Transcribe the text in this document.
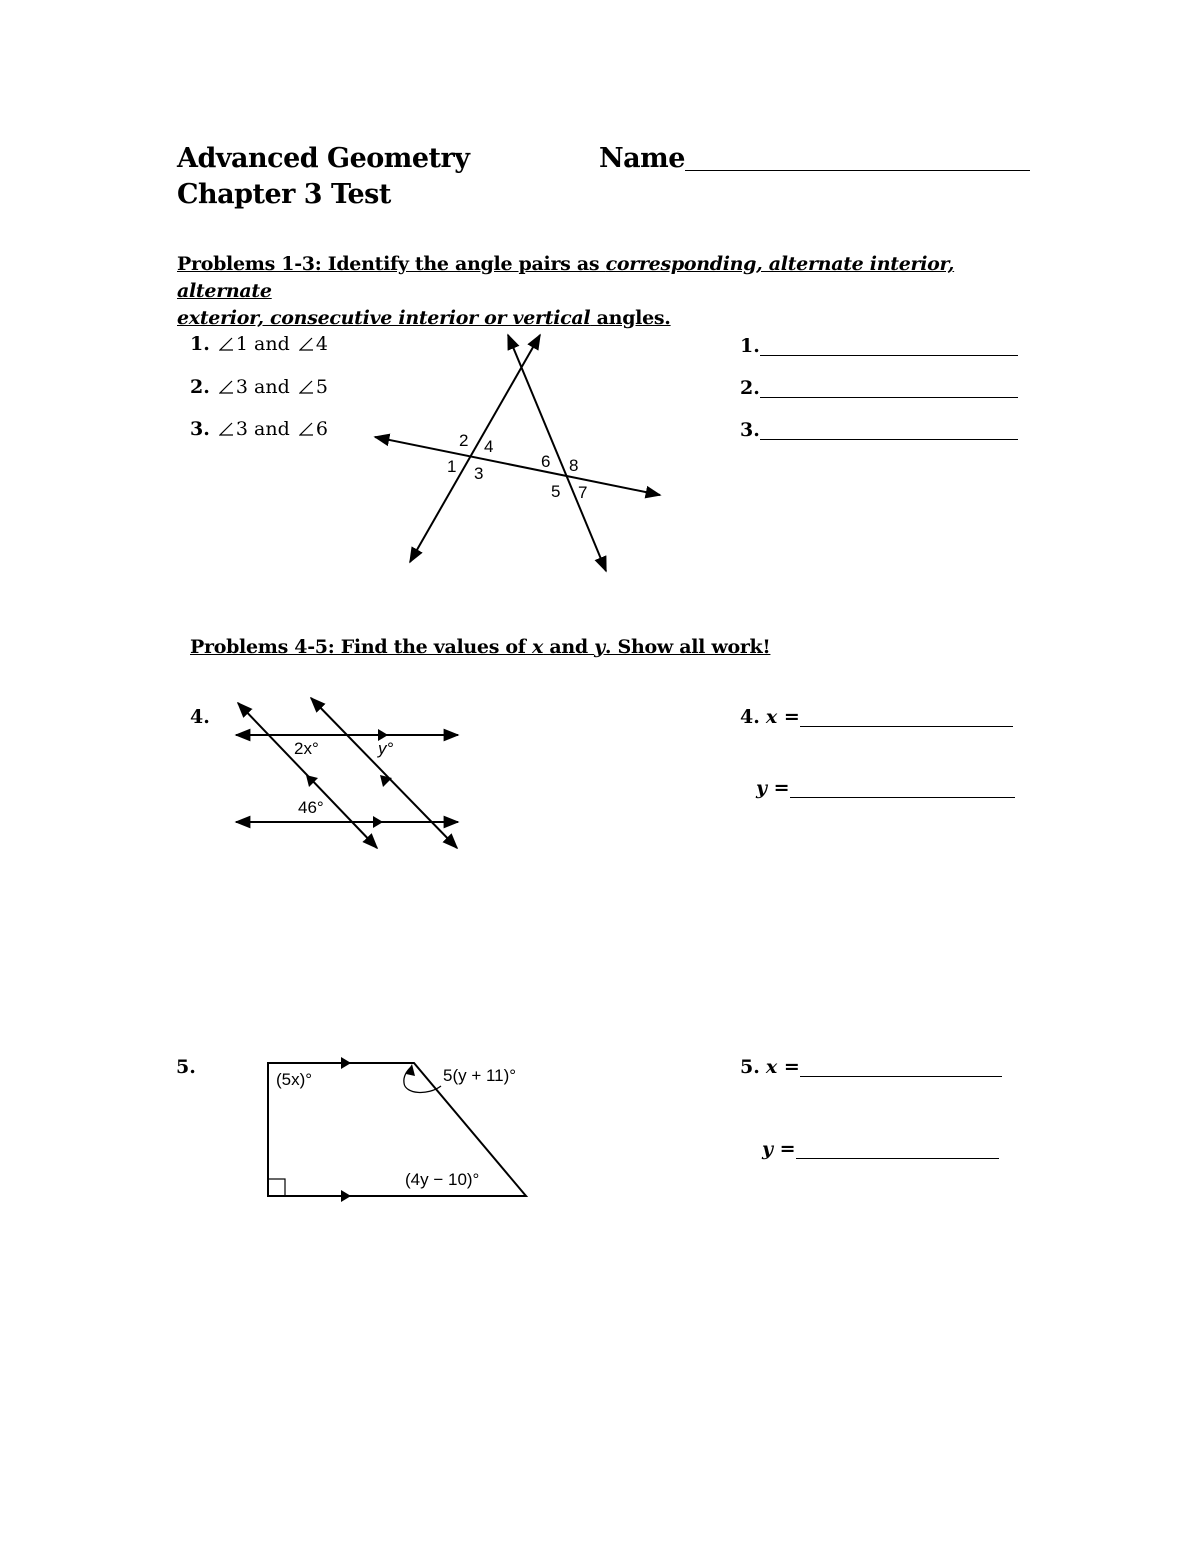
Advanced Geometry
Chapter 3 Test
Name
Problems 1-3: Identify the angle pairs as corresponding, alternate interior, alternate
exterior, consecutive interior or vertical angles.
1. 1 and 4
2. 3 and 5
3. 3 and 6
1.
2.
3.
2 4
1 3
6 8
5 7
Problems 4-5: Find the values of x and y. Show all work!
4.
2x°	y°
46°
4. x =
y =
5.
(5x)°	5(y + 11)°
(4y − 10)°
5. x =
y =
